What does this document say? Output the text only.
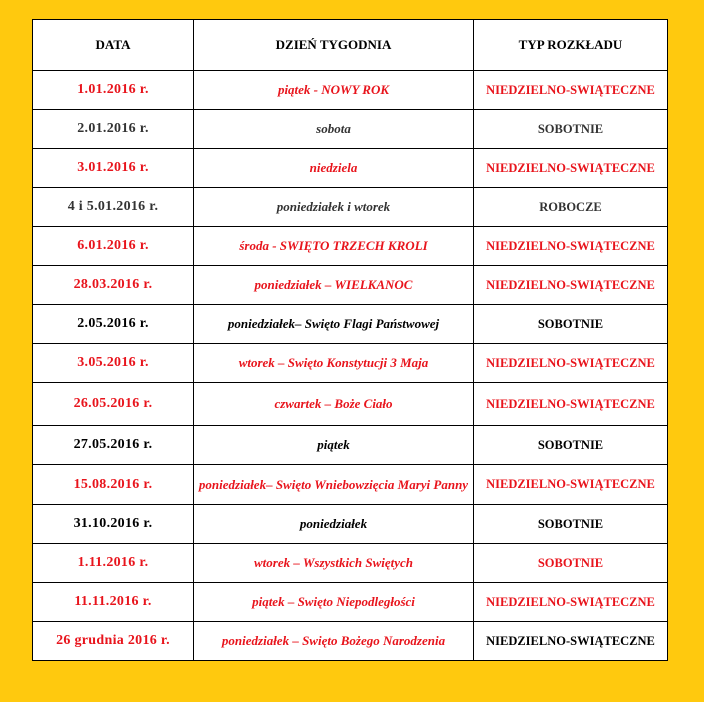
DATA	DZIEŃ TYGODNIA	TYP ROZKŁADU
1.01.2016 r.	piątek - NOWY ROK	NIEDZIELNO-SWIĄTECZNE
2.01.2016 r.	sobota	SOBOTNIE
3.01.2016 r.	niedziela	NIEDZIELNO-SWIĄTECZNE
4 i 5.01.2016 r.	poniedziałek i wtorek	ROBOCZE
6.01.2016 r.	środa - SWIĘTO TRZECH KROLI	NIEDZIELNO-SWIĄTECZNE
28.03.2016 r.	poniedziałek – WIELKANOC	NIEDZIELNO-SWIĄTECZNE
2.05.2016 r.	poniedziałek– Swięto Flagi Państwowej	SOBOTNIE
3.05.2016 r.	wtorek – Swięto Konstytucji 3 Maja	NIEDZIELNO-SWIĄTECZNE
26.05.2016 r.	czwartek – Boże Ciało	NIEDZIELNO-SWIĄTECZNE
27.05.2016 r.	piątek	SOBOTNIE
15.08.2016 r.	poniedziałek– Swięto Wniebowzięcia Maryi Panny	NIEDZIELNO-SWIĄTECZNE
31.10.2016 r.	poniedziałek	SOBOTNIE
1.11.2016 r.	wtorek – Wszystkich Swiętych	SOBOTNIE
11.11.2016 r.	piątek – Swięto Niepodległości	NIEDZIELNO-SWIĄTECZNE
26 grudnia 2016 r.	poniedziałek – Swięto Bożego Narodzenia	NIEDZIELNO-SWIĄTECZNE
